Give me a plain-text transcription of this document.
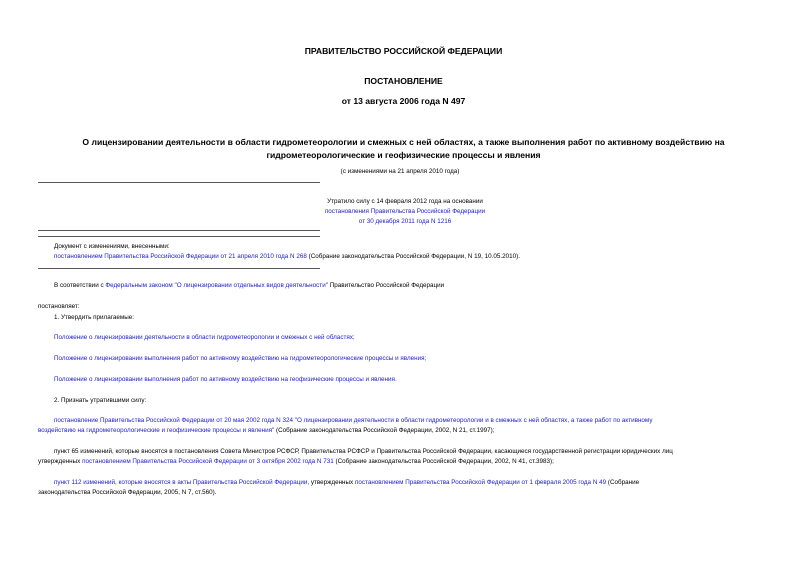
ПРАВИТЕЛЬСТВО РОССИЙСКОЙ ФЕДЕРАЦИИ
ПОСТАНОВЛЕНИЕ
от 13 августа 2006 года N 497
О лицензировании деятельности в области гидрометеорологии и смежных с ней областях, а также выполнения работ по активному воздействию на
гидрометеорологические и геофизические процессы и явления
(с изменениями на 21 апреля 2010 года)
Утратило силу с 14 февраля 2012 года на основании
постановления Правительства Российской Федерации
от 30 декабря 2011 года N 1216
Документ с изменениями, внесенными:
постановлением Правительства Российской Федерации от 21 апреля 2010 года N 268 (Собрание законодательства Российской Федерации, N 19, 10.05.2010).
В соответствии с Федеральным законом "О лицензировании отдельных видов деятельности" Правительство Российской Федерации
постановляет:
1. Утвердить прилагаемые:
Положение о лицензировании деятельности в области гидрометеорологии и смежных с ней областях;
Положение о лицензировании выполнения работ по активному воздействию на гидрометеорологические процессы и явления;
Положение о лицензировании выполнения работ по активному воздействию на геофизические процессы и явления.
2. Признать утратившими силу:
постановление Правительства Российской Федерации от 20 мая 2002 года N 324 "О лицензировании деятельности в области гидрометеорологии и в смежных с ней областях, а также работ по активному
воздействию на гидрометеорологические и геофизические процессы и явления" (Собрание законодательства Российской Федерации, 2002, N 21, ст.1997);
пункт 65 изменений, которые вносятся в постановления Совета Министров РСФСР, Правительства РСФСР и Правительства Российской Федерации, касающиеся государственной регистрации юридических лиц
утвержденных постановлением Правительства Российской Федерации от 3 октября 2002 года N 731 (Собрание законодательства Российской Федерации, 2002, N 41, ст.3983);
пункт 112 изменений, которые вносятся в акты Правительства Российской Федерации, утвержденных постановлением Правительства Российской Федерации от 1 февраля 2005 года N 49 (Собрание
законодательства Российской Федерации, 2005, N 7, ст.560).
